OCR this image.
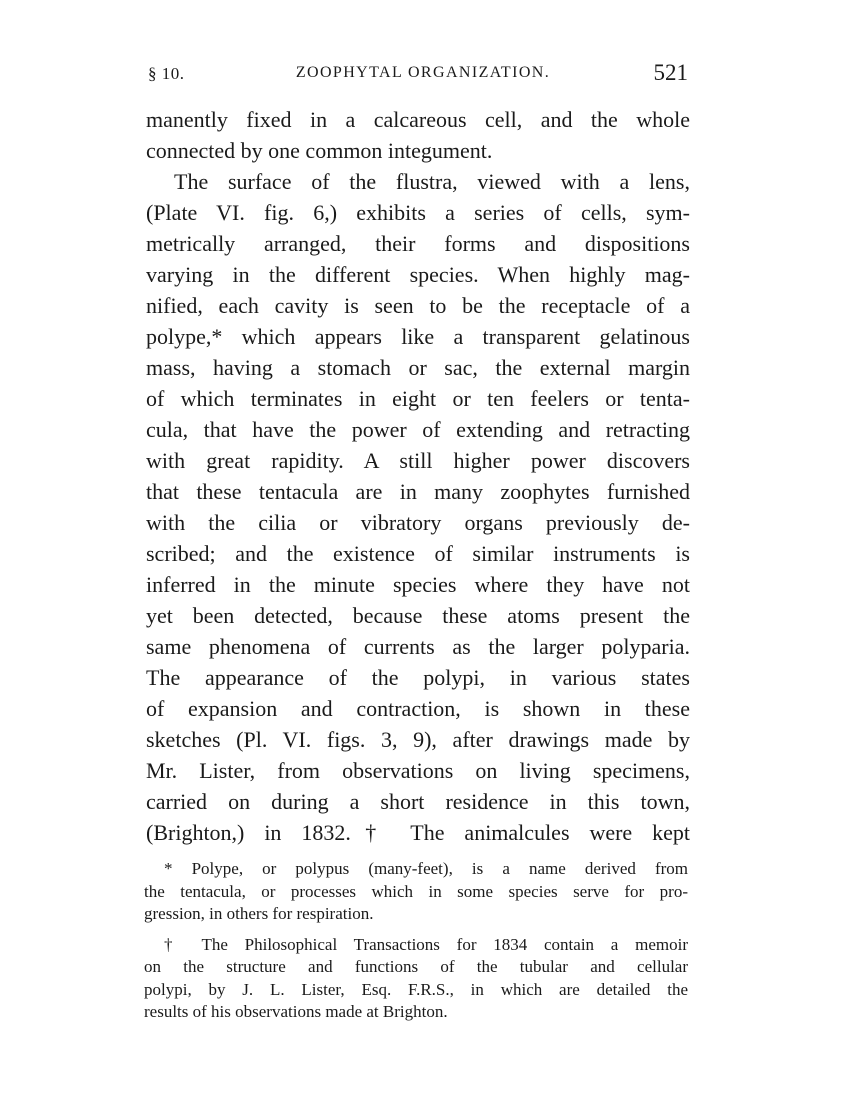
§ 10.	ZOOPHYTAL ORGANIZATION.	521
manently fixed in a calcareous cell, and the whole
connected by one common integument.
The surface of the flustra, viewed with a lens,
(Plate VI. fig. 6,) exhibits a series of cells, sym-
metrically arranged, their forms and dispositions
varying in the different species. When highly mag-
nified, each cavity is seen to be the receptacle of a
polype,* which appears like a transparent gelatinous
mass, having a stomach or sac, the external margin
of which terminates in eight or ten feelers or tenta-
cula, that have the power of extending and retracting
with great rapidity. A still higher power discovers
that these tentacula are in many zoophytes furnished
with the cilia or vibratory organs previously de-
scribed; and the existence of similar instruments is
inferred in the minute species where they have not
yet been detected, because these atoms present the
same phenomena of currents as the larger polyparia.
The appearance of the polypi, in various states
of expansion and contraction, is shown in these
sketches (Pl. VI. figs. 3, 9), after drawings made by
Mr. Lister, from observations on living specimens,
carried on during a short residence in this town,
(Brighton,) in 1832.† The animalcules were kept
* Polype, or polypus (many-feet), is a name derived from
the tentacula, or processes which in some species serve for pro-
gression, in others for respiration.
† The Philosophical Transactions for 1834 contain a memoir
on the structure and functions of the tubular and cellular
polypi, by J. L. Lister, Esq. F.R.S., in which are detailed the
results of his observations made at Brighton.
